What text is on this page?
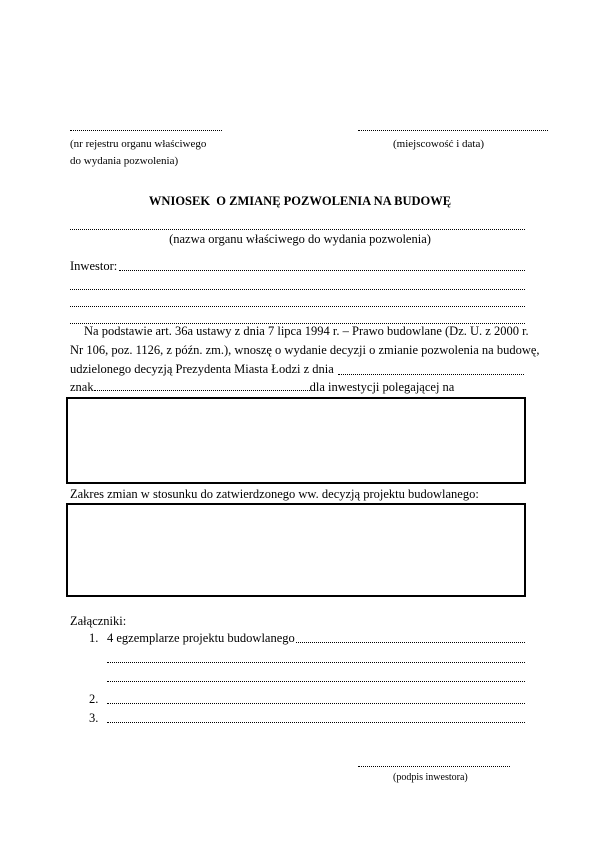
(nr rejestru organu właściwego
do wydania pozwolenia)
(miejscowość i data)
WNIOSEK  O ZMIANĘ POZWOLENIA NA BUDOWĘ
(nazwa organu właściwego do wydania pozwolenia)
Inwestor:
Na podstawie art. 36a ustawy z dnia 7 lipca 1994 r. – Prawo budowlane (Dz. U. z 2000 r.
Nr 106, poz. 1126, z późn. zm.), wnoszę o wydanie decyzji o zmianie pozwolenia na budowę,
udzielonego decyzją Prezydenta Miasta Łodzi z dnia
znak	dla inwestycji polegającej na
Zakres zmian w stosunku do zatwierdzonego ww. decyzją projektu budowlanego:
Załączniki:
1. 4 egzemplarze projektu budowlanego
2.
3.
(podpis inwestora)
